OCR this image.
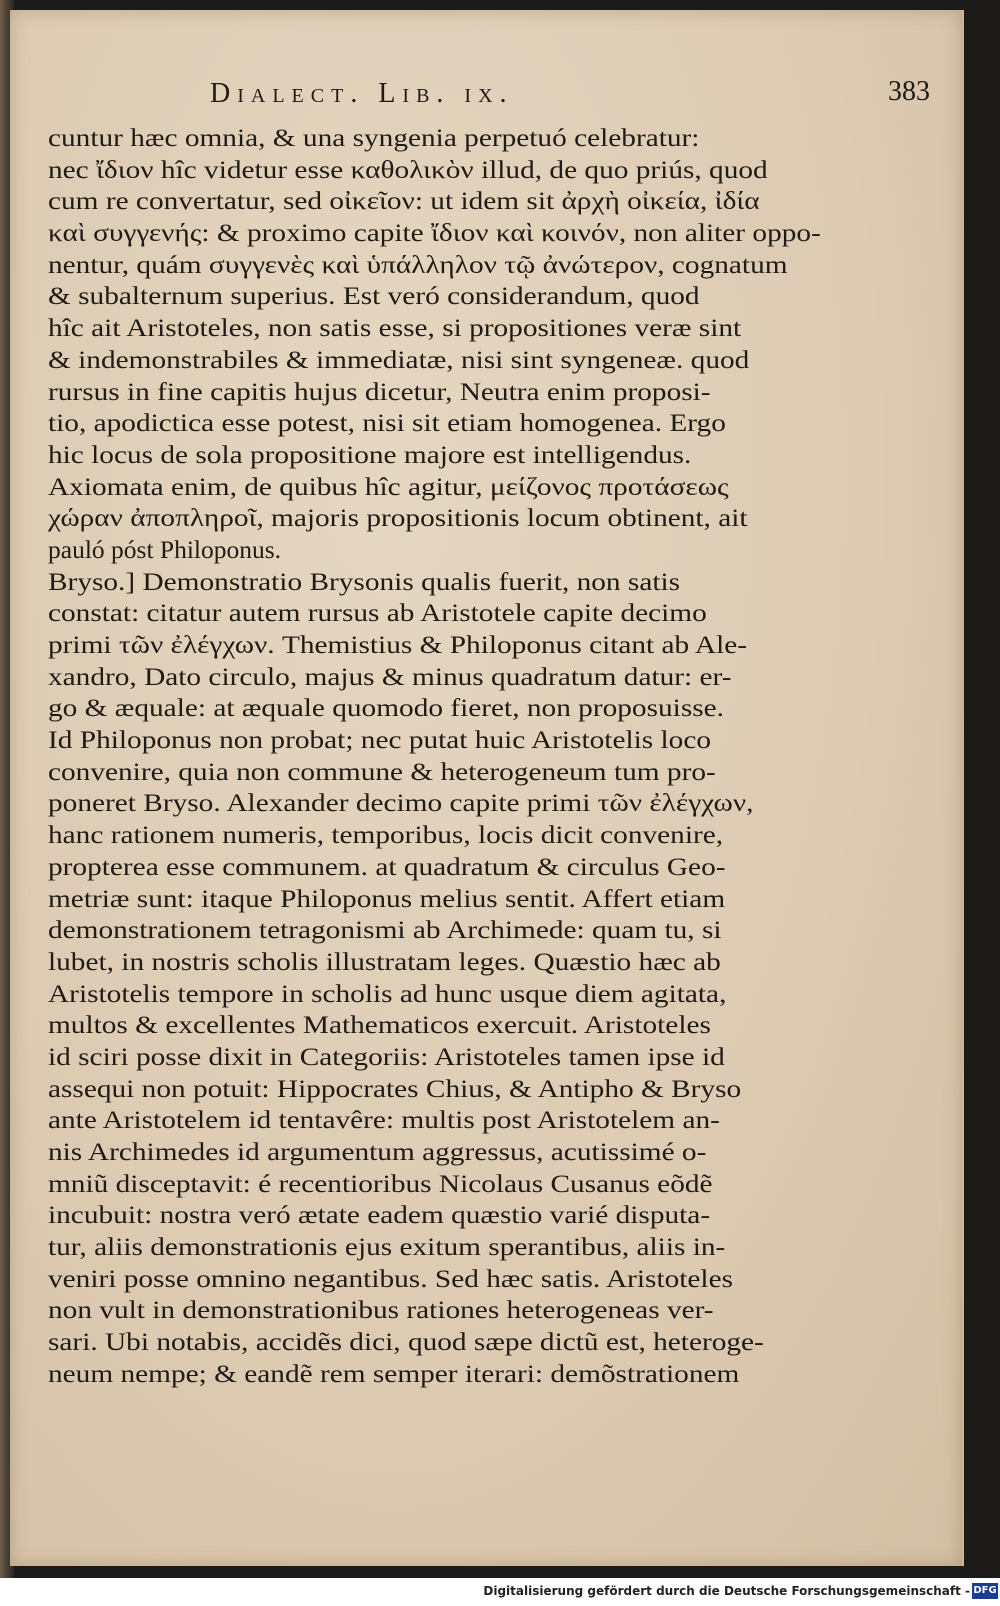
Dialect. Lib. ix.	383
cuntur hæc omnia, & una syngenia perpetuó celebratur:
nec ἴδιον hîc videtur esse καθολικὸν illud, de quo priús, quod
cum re convertatur, sed οἰκεῖον: ut idem sit ἀρχὴ οἰκεία, ἰδία
καὶ συγγενής: & proximo capite ἴδιον καὶ κοινόν, non aliter oppo-
nentur, quám συγγενὲς καὶ ὑπάλληλον τῷ ἀνώτερον, cognatum
& subalternum superius. Est veró considerandum, quod
hîc ait Aristoteles, non satis esse, si propositiones veræ sint
& indemonstrabiles & immediatæ, nisi sint syngeneæ. quod
rursus in fine capitis hujus dicetur, Neutra enim proposi-
tio, apodictica esse potest, nisi sit etiam homogenea. Ergo
hic locus de sola propositione majore est intelligendus.
Axiomata enim, de quibus hîc agitur, μείζονος προτάσεως
χώραν ἀποπληροῖ, majoris propositionis locum obtinent, ait
pauló póst Philoponus.
Bryso.] Demonstratio Brysonis qualis fuerit, non satis
constat: citatur autem rursus ab Aristotele capite decimo
primi τῶν ἐλέγχων. Themistius & Philoponus citant ab Ale-
xandro, Dato circulo, majus & minus quadratum datur: er-
go & æquale: at æquale quomodo fieret, non proposuisse.
Id Philoponus non probat; nec putat huic Aristotelis loco
convenire, quia non commune & heterogeneum tum pro-
poneret Bryso. Alexander decimo capite primi τῶν ἐλέγχων,
hanc rationem numeris, temporibus, locis dicit convenire,
propterea esse communem. at quadratum & circulus Geo-
metriæ sunt: itaque Philoponus melius sentit. Affert etiam
demonstrationem tetragonismi ab Archimede: quam tu, si
lubet, in nostris scholis illustratam leges. Quæstio hæc ab
Aristotelis tempore in scholis ad hunc usque diem agitata,
multos & excellentes Mathematicos exercuit. Aristoteles
id sciri posse dixit in Categoriis: Aristoteles tamen ipse id
assequi non potuit: Hippocrates Chius, & Antipho & Bryso
ante Aristotelem id tentavêre: multis post Aristotelem an-
nis Archimedes id argumentum aggressus, acutissimé o-
mniũ disceptavit: é recentioribus Nicolaus Cusanus eõdẽ
incubuit: nostra veró ætate eadem quæstio varié disputa-
tur, aliis demonstrationis ejus exitum sperantibus, aliis in-
veniri posse omnino negantibus. Sed hæc satis. Aristoteles
non vult in demonstrationibus rationes heterogeneas ver-
sari. Ubi notabis, accidẽs dici, quod sæpe dictũ est, heteroge-
neum nempe; & eandẽ rem semper iterari: demõstrationem
Digitalisierung gefördert durch die Deutsche Forschungsgemeinschaft - DFG
